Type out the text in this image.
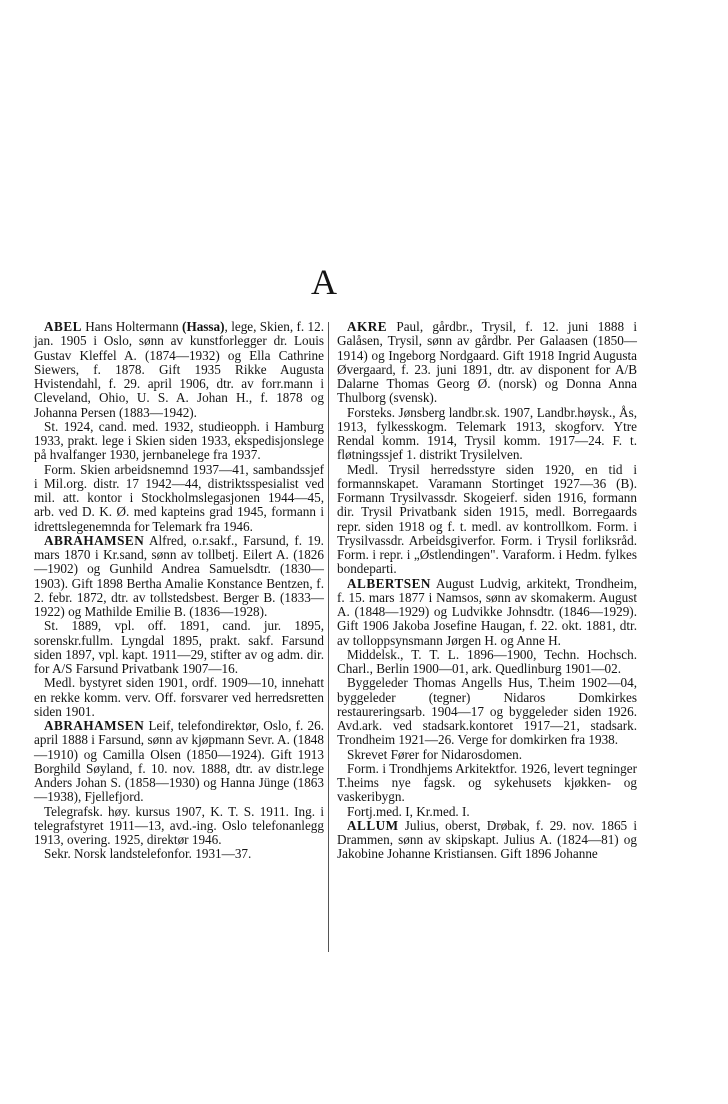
A

ABEL Hans Holtermann (Hassa), lege, Skien, f. 12. jan. 1905 i Oslo, sønn av kunstforlegger dr. Louis Gustav Kleffel A. (1874—1932) og Ella Cathrine Siewers, f. 1878. Gift 1935 Rikke Augusta Hvistendahl, f. 29. april 1906, dtr. av forr.mann i Cleveland, Ohio, U. S. A. Johan H., f. 1878 og Johanna Persen (1883—1942).

St. 1924, cand. med. 1932, studieopph. i Hamburg 1933, prakt. lege i Skien siden 1933, ekspedisjonslege på hvalfanger 1930, jernbanelege fra 1937.

Form. Skien arbeidsnemnd 1937—41, sambandssjef i Mil.org. distr. 17 1942—44, distriktsspesialist ved mil. att. kontor i Stockholmslegasjonen 1944—45, arb. ved D. K. Ø. med kapteins grad 1945, formann i idrettslegenemnda for Telemark fra 1946.

ABRAHAMSEN Alfred, o.r.sakf., Farsund, f. 19. mars 1870 i Kr.sand, sønn av tollbetj. Eilert A. (1826—1902) og Gunhild Andrea Samuelsdtr. (1830—1903). Gift 1898 Bertha Amalie Konstance Bentzen, f. 2. febr. 1872, dtr. av tollstedsbest. Berger B. (1833—1922) og Mathilde Emilie B. (1836—1928).

St. 1889, vpl. off. 1891, cand. jur. 1895, sorenskr.fullm. Lyngdal 1895, prakt. sakf. Farsund siden 1897, vpl. kapt. 1911—29, stifter av og adm. dir. for A/S Farsund Privatbank 1907—16.

Medl. bystyret siden 1901, ordf. 1909—10, innehatt en rekke komm. verv. Off. forsvarer ved herredsretten siden 1901.

ABRAHAMSEN Leif, telefondirektør, Oslo, f. 26. april 1888 i Farsund, sønn av kjøpmann Sevr. A. (1848—1910) og Camilla Olsen (1850—1924). Gift 1913 Borghild Søyland, f. 10. nov. 1888, dtr. av distr.lege Anders Johan S. (1858—1930) og Hanna Jünge (1863—1938), Fjellefjord.

Telegrafsk. høy. kursus 1907, K. T. S. 1911. Ing. i telegrafstyret 1911—13, avd.-ing. Oslo telefonanlegg 1913, overing. 1925, direktør 1946.

Sekr. Norsk landstelefonfor. 1931—37.

AKRE Paul, gårdbr., Trysil, f. 12. juni 1888 i Galåsen, Trysil, sønn av gårdbr. Per Galaasen (1850—1914) og Ingeborg Nordgaard. Gift 1918 Ingrid Augusta Øvergaard, f. 23. juni 1891, dtr. av disponent for A/B Dalarne Thomas Georg Ø. (norsk) og Donna Anna Thulborg (svensk).

Forsteks. Jønsberg landbr.sk. 1907, Landbr.høysk., Ås, 1913, fylkesskogm. Telemark 1913, skogforv. Ytre Rendal komm. 1914, Trysil komm. 1917—24. F. t. fløtningssjef 1. distrikt Trysilelven.

Medl. Trysil herredsstyre siden 1920, en tid i formannskapet. Varamann Stortinget 1927—36 (B). Formann Trysilvassdr. Skogeierf. siden 1916, formann dir. Trysil Privatbank siden 1915, medl. Borregaards repr. siden 1918 og f. t. medl. av kontrollkom. Form. i Trysilvassdr. Arbeidsgiverfor. Form. i Trysil forliksråd. Form. i repr. i „Østlendingen". Varaform. i Hedm. fylkes bondeparti.

ALBERTSEN August Ludvig, arkitekt, Trondheim, f. 15. mars 1877 i Namsos, sønn av skomakerm. August A. (1848—1929) og Ludvikke Johnsdtr. (1846—1929). Gift 1906 Jakoba Josefine Haugan, f. 22. okt. 1881, dtr. av tolloppsynsmann Jørgen H. og Anne H.

Middelsk., T. T. L. 1896—1900, Techn. Hochsch. Charl., Berlin 1900—01, ark. Quedlinburg 1901—02.

Byggeleder Thomas Angells Hus, T.heim 1902—04, byggeleder (tegner) Nidaros Domkirkes restaureringsarb. 1904—17 og byggeleder siden 1926. Avd.ark. ved stadsark.kontoret 1917—21, stadsark. Trondheim 1921—26. Verge for domkirken fra 1938.

Skrevet Fører for Nidarosdomen.

Form. i Trondhjems Arkitektfor. 1926, levert tegninger T.heims nye fagsk. og sykehusets kjøkken- og vaskeribygn.

Fortj.med. I, Kr.med. I.

ALLUM Julius, oberst, Drøbak, f. 29. nov. 1865 i Drammen, sønn av skipskapt. Julius A. (1824—81) og Jakobine Johanne Kristiansen. Gift 1896 Johanne
